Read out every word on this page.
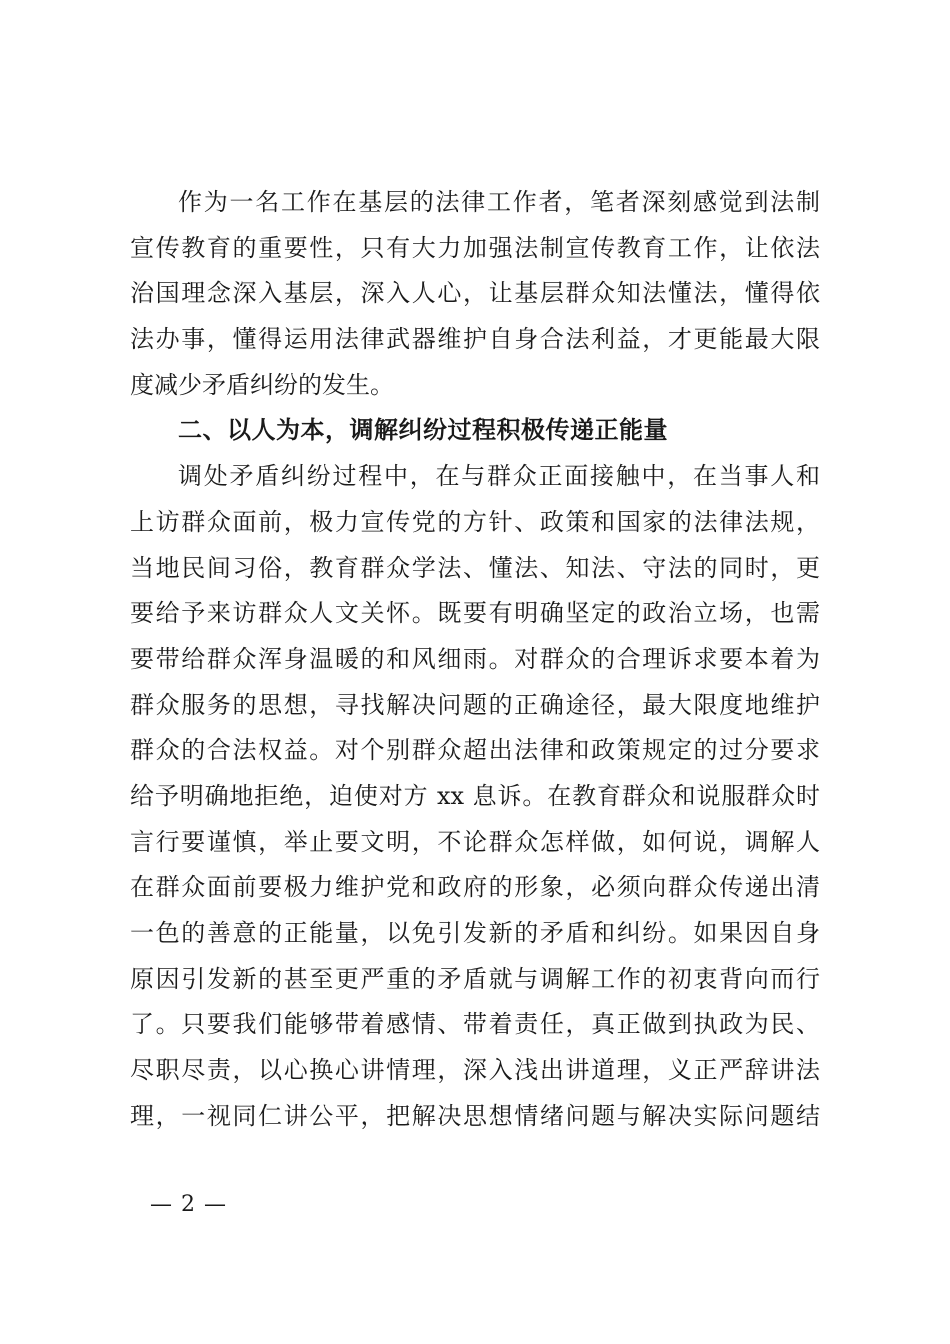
作为一名工作在基层的法律工作者，笔者深刻感觉到法制
宣传教育的重要性，只有大力加强法制宣传教育工作，让依法
治国理念深入基层，深入人心，让基层群众知法懂法，懂得依
法办事，懂得运用法律武器维护自身合法利益，才更能最大限
度减少矛盾纠纷的发生。
二、以人为本，调解纠纷过程积极传递正能量
调处矛盾纠纷过程中，在与群众正面接触中，在当事人和
上访群众面前，极力宣传党的方针、政策和国家的法律法规，
当地民间习俗，教育群众学法、懂法、知法、守法的同时，更
要给予来访群众人文关怀。既要有明确坚定的政治立场，也需
要带给群众浑身温暖的和风细雨。对群众的合理诉求要本着为
群众服务的思想，寻找解决问题的正确途径，最大限度地维护
群众的合法权益。对个别群众超出法律和政策规定的过分要求
给予明确地拒绝，迫使对方 xx 息诉。在教育群众和说服群众时
言行要谨慎，举止要文明，不论群众怎样做，如何说，调解人
在群众面前要极力维护党和政府的形象，必须向群众传递出清
一色的善意的正能量，以免引发新的矛盾和纠纷。如果因自身
原因引发新的甚至更严重的矛盾就与调解工作的初衷背向而行
了。只要我们能够带着感情、带着责任，真正做到执政为民、
尽职尽责，以心换心讲情理，深入浅出讲道理，义正严辞讲法
理，一视同仁讲公平，把解决思想情绪问题与解决实际问题结
— 2 —
